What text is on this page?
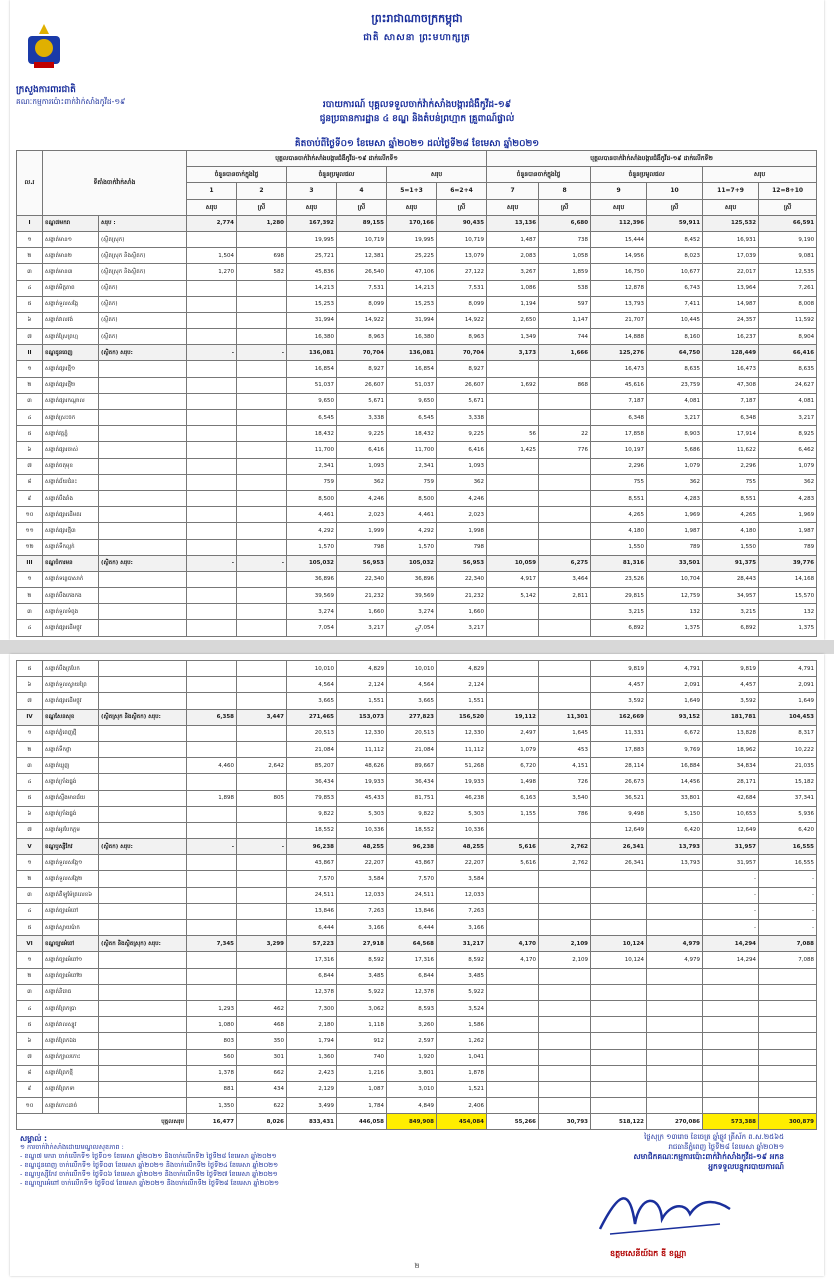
ព្រះរាជាណាចក្រកម្ពុជា
ជាតិ សាសនា ព្រះមហាក្សត្រ
ក្រសួងការពារជាតិ
គណៈកម្មការប៉ោះពាក់វ៉ាក់សាំងកូវីដ-១៩	របាយការណ៍ បុគ្គលទទួលចាក់វ៉ាក់សាំងបង្ការជំងឺកូវីដ-១៩
ជូនប្រធានការដ្ឋាន ៤ ខណ្ឌ និងតំបន់ព្រហ្មាក គ្រួពាណ៍ផ្ទាល់
គិតចាប់ពីថ្ងៃទី០១ ខែមេសា ឆ្នាំ២០២១ ដល់ថ្ងៃទី២៨ ខែមេសា ឆ្នាំ២០២១
ល.រ	ទីតាំងចាក់វ៉ាក់សាំង		បុគ្គលបានចាក់វ៉ាក់សាំងបង្ការជំងឺកូវីដ-១៩ ដាក់លើកទី១						បុគ្គលបានចាក់វ៉ាក់សាំងបង្ការជំងឺកូវីដ-១៩ ដាក់លើកទី២					
			ចំនួនបានចាក់ក្នុងថ្ងៃ		ចំនួនប្រមូលផល		សរុប		ចំនួនបានចាក់ក្នុងថ្ងៃ		ចំនួនប្រមូលផល		សរុប	
			1	2	3	4	5=1+3	6=2+4	7	8	9	10	11=7+9	12=8+10
			សរុប	ស្រី	សរុប	ស្រី	សរុប	ស្រី	សរុប	ស្រី	សរុប	ស្រី	សរុប	ស្រី
I	ខណ្ឌ៧មករា	សរុប :	2,774	1,280	167,392	89,155	170,166	90,435	13,136	6,680	112,396	59,911	125,532	66,591
១	សង្កាត់មាន១	(ស្ថិតស្រុក)			19,995	10,719	19,995	10,719	1,487	738	15,444	8,452	16,931	9,190
២	សង្កាត់មាន២	(ស្ថិតស្រុក និងស្ថិតក)	1,504	698	25,721	12,381	25,225	13,079	2,083	1,058	14,956	8,023	17,039	9,081
៣	សង្កាត់មាន៣	(ស្ថិតស្រុក និងស្ថិតក)	1,270	582	45,836	26,540	47,106	27,122	3,267	1,859	16,750	10,677	22,017	12,535
៤	សង្កាត់មិត្តភាព	(ស្ថិតក)			14,213	7,531	14,213	7,531	1,086	538	12,878	6,743	13,964	7,261
៥	សង្កាត់ទួលសង្កែ	(ស្ថិតក)			15,253	8,099	15,253	8,099	1,194	597	13,793	7,411	14,987	8,008
៦	សង្កាត់វាលវង់	(ស្ថិតក)			31,994	14,922	31,994	14,922	2,650	1,147	21,707	10,445	24,357	11,592
៧	សង្កាត់ស្រែព្រហ្ម	(ស្ថិតក)			16,380	8,963	16,380	8,963	1,349	744	14,888	8,160	16,237	8,904
II	ខណ្ឌដូនពេញ	(ស្ថិតក) សរុប:	-	-	136,081	70,704	136,081	70,704	3,173	1,666	125,276	64,750	128,449	66,416
១	សង្កាត់ផ្សារថ្មី១				16,854	8,927	16,854	8,927			16,473	8,635	16,473	8,635
២	សង្កាត់ផ្សារថ្មី២				51,037	26,607	51,037	26,607	1,692	868	45,616	23,759	47,308	24,627
៣	សង្កាត់ផ្សារកណ្តាល				9,650	5,671	9,650	5,671			7,187	4,081	7,187	4,081
៤	សង្កាត់ស្រះចក				6,545	3,338	6,545	3,338			6,348	3,217	6,348	3,217
៥	សង្កាត់វត្តភ្នំ				18,432	9,225	18,432	9,225	56	22	17,858	8,903	17,914	8,925
៦	សង្កាត់ផ្សារចាស់				11,700	6,416	11,700	6,416	1,425	776	10,197	5,686	11,622	6,462
៧	សង្កាត់ចតុមុខ				2,341	1,093	2,341	1,093			2,296	1,079	2,296	1,079
៨	សង្កាត់ជ័យជំនះ				759	362	759	362			755	362	755	362
៩	សង្កាត់បឹងរាំង				8,500	4,246	8,500	4,246			8,551	4,283	8,551	4,283
១០	សង្កាត់ផ្សារដើមគរ				4,461	2,023	4,461	2,023			4,265	1,969	4,265	1,969
១១	សង្កាត់ផ្សារថ្មី៣				4,292	1,999	4,292	1,998			4,180	1,987	4,180	1,987
១២	សង្កាត់ទឹកល្អក់				1,570	798	1,570	798			1,550	789	1,550	789
III	ខណ្ឌចំការមន	(ស្ថិតក) សរុប:	-	-	105,032	56,953	105,032	56,953	10,059	6,275	81,316	33,501	91,375	39,776
១	សង្កាត់ទន្លេបាសាក់				36,896	22,340	36,896	22,340	4,917	3,464	23,526	10,704	28,443	14,168
២	សង្កាត់បឹងកេងកង				39,569	21,232	39,569	21,232	5,142	2,811	29,815	12,759	34,957	15,570
៣	សង្កាត់ទួលទំពូង				3,274	1,660	3,274	1,660			3,215	132	3,215	132
៤	សង្កាត់ផ្សារដើមថ្កូវ				7,054	3,217	7,054	3,217			6,892	1,375	6,892	1,375
១
៥	សង្កាត់បឹងត្របែក				10,010	4,829	10,010	4,829			9,819	4,791	9,819	4,791
៦	សង្កាត់ទួលស្វាយព្រៃ				4,564	2,124	4,564	2,124			4,457	2,091	4,457	2,091
៧	សង្កាត់ផ្សារដើមថ្កូវ				3,665	1,551	3,665	1,551			3,592	1,649	3,592	1,649
IV	ខណ្ឌសែនសុខ	(ស្ថិតស្រុក និងស្ថិតក) សរុប:	6,358	3,447	271,465	153,073	277,823	156,520	19,112	11,301	162,669	93,152	181,781	104,453
១	សង្កាត់ភ្នំពេញថ្មី				20,513	12,330	20,513	12,330	2,497	1,645	11,331	6,672	13,828	8,317
២	សង្កាត់ទឹកថ្លា				21,084	11,112	21,084	11,112	1,079	453	17,883	9,769	18,962	10,222
៣	សង្កាត់ឃ្មួញ		4,460	2,642	85,207	48,626	89,667	51,268	6,720	4,151	28,114	16,884	34,834	21,035
៤	សង្កាត់ក្រាំងធ្នង់				36,434	19,933	36,434	19,933	1,498	726	26,673	14,456	28,171	15,182
៥	សង្កាត់ស្ទឹងមានជ័យ		1,898	805	79,853	45,433	81,751	46,238	6,163	3,540	36,521	33,801	42,684	37,341
៦	សង្កាត់ក្រាំងធ្នង់				9,822	5,303	9,822	5,303	1,155	786	9,498	5,150	10,653	5,936
៧	សង្កាត់អូរបែកក្អម				18,552	10,336	18,552	10,336			12,649	6,420	12,649	6,420
V	ខណ្ឌឫស្សីកែវ	(ស្ថិតក) សរុប:	-	-	96,238	48,255	96,238	48,255	5,616	2,762	26,341	13,793	31,957	16,555
១	សង្កាត់ទួលសង្កែ១				43,867	22,207	43,867	22,207	5,616	2,762	26,341	13,793	31,957	16,555
២	សង្កាត់ទួលសង្កែ២				7,570	3,584	7,570	3,584					-	-
៣	សង្កាត់គីឡូម៉ែត្រលេខ៦				24,511	12,033	24,511	12,033					-	-
៤	សង្កាត់ច្បារអំពៅ				13,846	7,263	13,846	7,263					-	-
៥	សង្កាត់ស្វាយប៉ាក				6,444	3,166	6,444	3,166					-	-
VI	ខណ្ឌច្បារអំពៅ	(ស្ថិតក និងស្ថិតស្រុក) សរុប:	7,345	3,299	57,223	27,918	64,568	31,217	4,170	2,109	10,124	4,979	14,294	7,088
១	សង្កាត់ច្បារអំពៅ១				17,316	8,592	17,316	8,592	4,170	2,109	10,124	4,979	14,294	7,088
២	សង្កាត់ច្បារអំពៅ២				6,844	3,485	6,844	3,485						
៣	សង្កាត់និរោធ				12,378	5,922	12,378	5,922						
៤	សង្កាត់ព្រែកប្រា		1,293	462	7,300	3,062	8,593	3,524						
៥	សង្កាត់វាលស្បូវ		1,080	468	2,180	1,118	3,260	1,586						
៦	សង្កាត់ព្រែកឯង		803	350	1,794	912	2,597	1,262						
៧	សង្កាត់ក្បាលកោះ		560	301	1,360	740	1,920	1,041						
៨	សង្កាត់ព្រែកថ្មី		1,378	662	2,423	1,216	3,801	1,878						
៩	សង្កាត់ព្រែកទា		881	434	2,129	1,087	3,010	1,521						
១០	សង្កាត់កោះដាច់		1,350	622	3,499	1,784	4,849	2,406						
បុគ្គលសរុប			16,477	8,026	833,431	446,058	849,908	454,084	55,266	30,793	518,122	270,086	573,388	300,879
សម្គាល់ :
១ ការចាក់វ៉ាក់សាំងដោយមណ្ឌលសុខភាព :
- ខណ្ឌ៧ មករា ចាក់លើកទី១ ថ្ងៃទី០១ ខែមេសា ឆ្នាំ២០២១ និងចាក់លើកទី២ ថ្ងៃទី២៨ ខែមេសា ឆ្នាំ២០២១
- ខណ្ឌដូនពេញ ចាក់លើកទី១ ថ្ងៃទី០៣ ខែមេសា ឆ្នាំ២០២១ និងចាក់លើកទី២ ថ្ងៃទី២៤ ខែមេសា ឆ្នាំ២០២១
- ខណ្ឌឫស្សីកែវ ចាក់លើកទី១ ថ្ងៃទី០៦ ខែមេសា ឆ្នាំ២០២១ និងចាក់លើកទី២ ថ្ងៃទី២៧ ខែមេសា ឆ្នាំ២០២១
- ខណ្ឌច្បារអំពៅ ចាក់លើកទី១ ថ្ងៃទី០៨ ខែមេសា ឆ្នាំ២០២១ និងចាក់លើកទី២ ថ្ងៃទី២៨ ខែមេសា ឆ្នាំ២០២១
ថ្ងៃសុក្រ ១៣រោច ខែចេត្រ ឆ្នាំឆ្លូវ ត្រីស័ក ព.ស.២៥៦៥
រាជធានីភ្នំពេញ ថ្ងៃទី២៨ ខែមេសា ឆ្នាំ២០២១
សមាជិកគណៈកម្មការប៉ោះពាក់វ៉ាក់សាំងកូវីដ-១៩ អកន
អ្នកទទួលបន្ទុករបាយការណ៍
ឧត្តមសេនីយ៍ឯក ឌី ខណ្ណា
២
